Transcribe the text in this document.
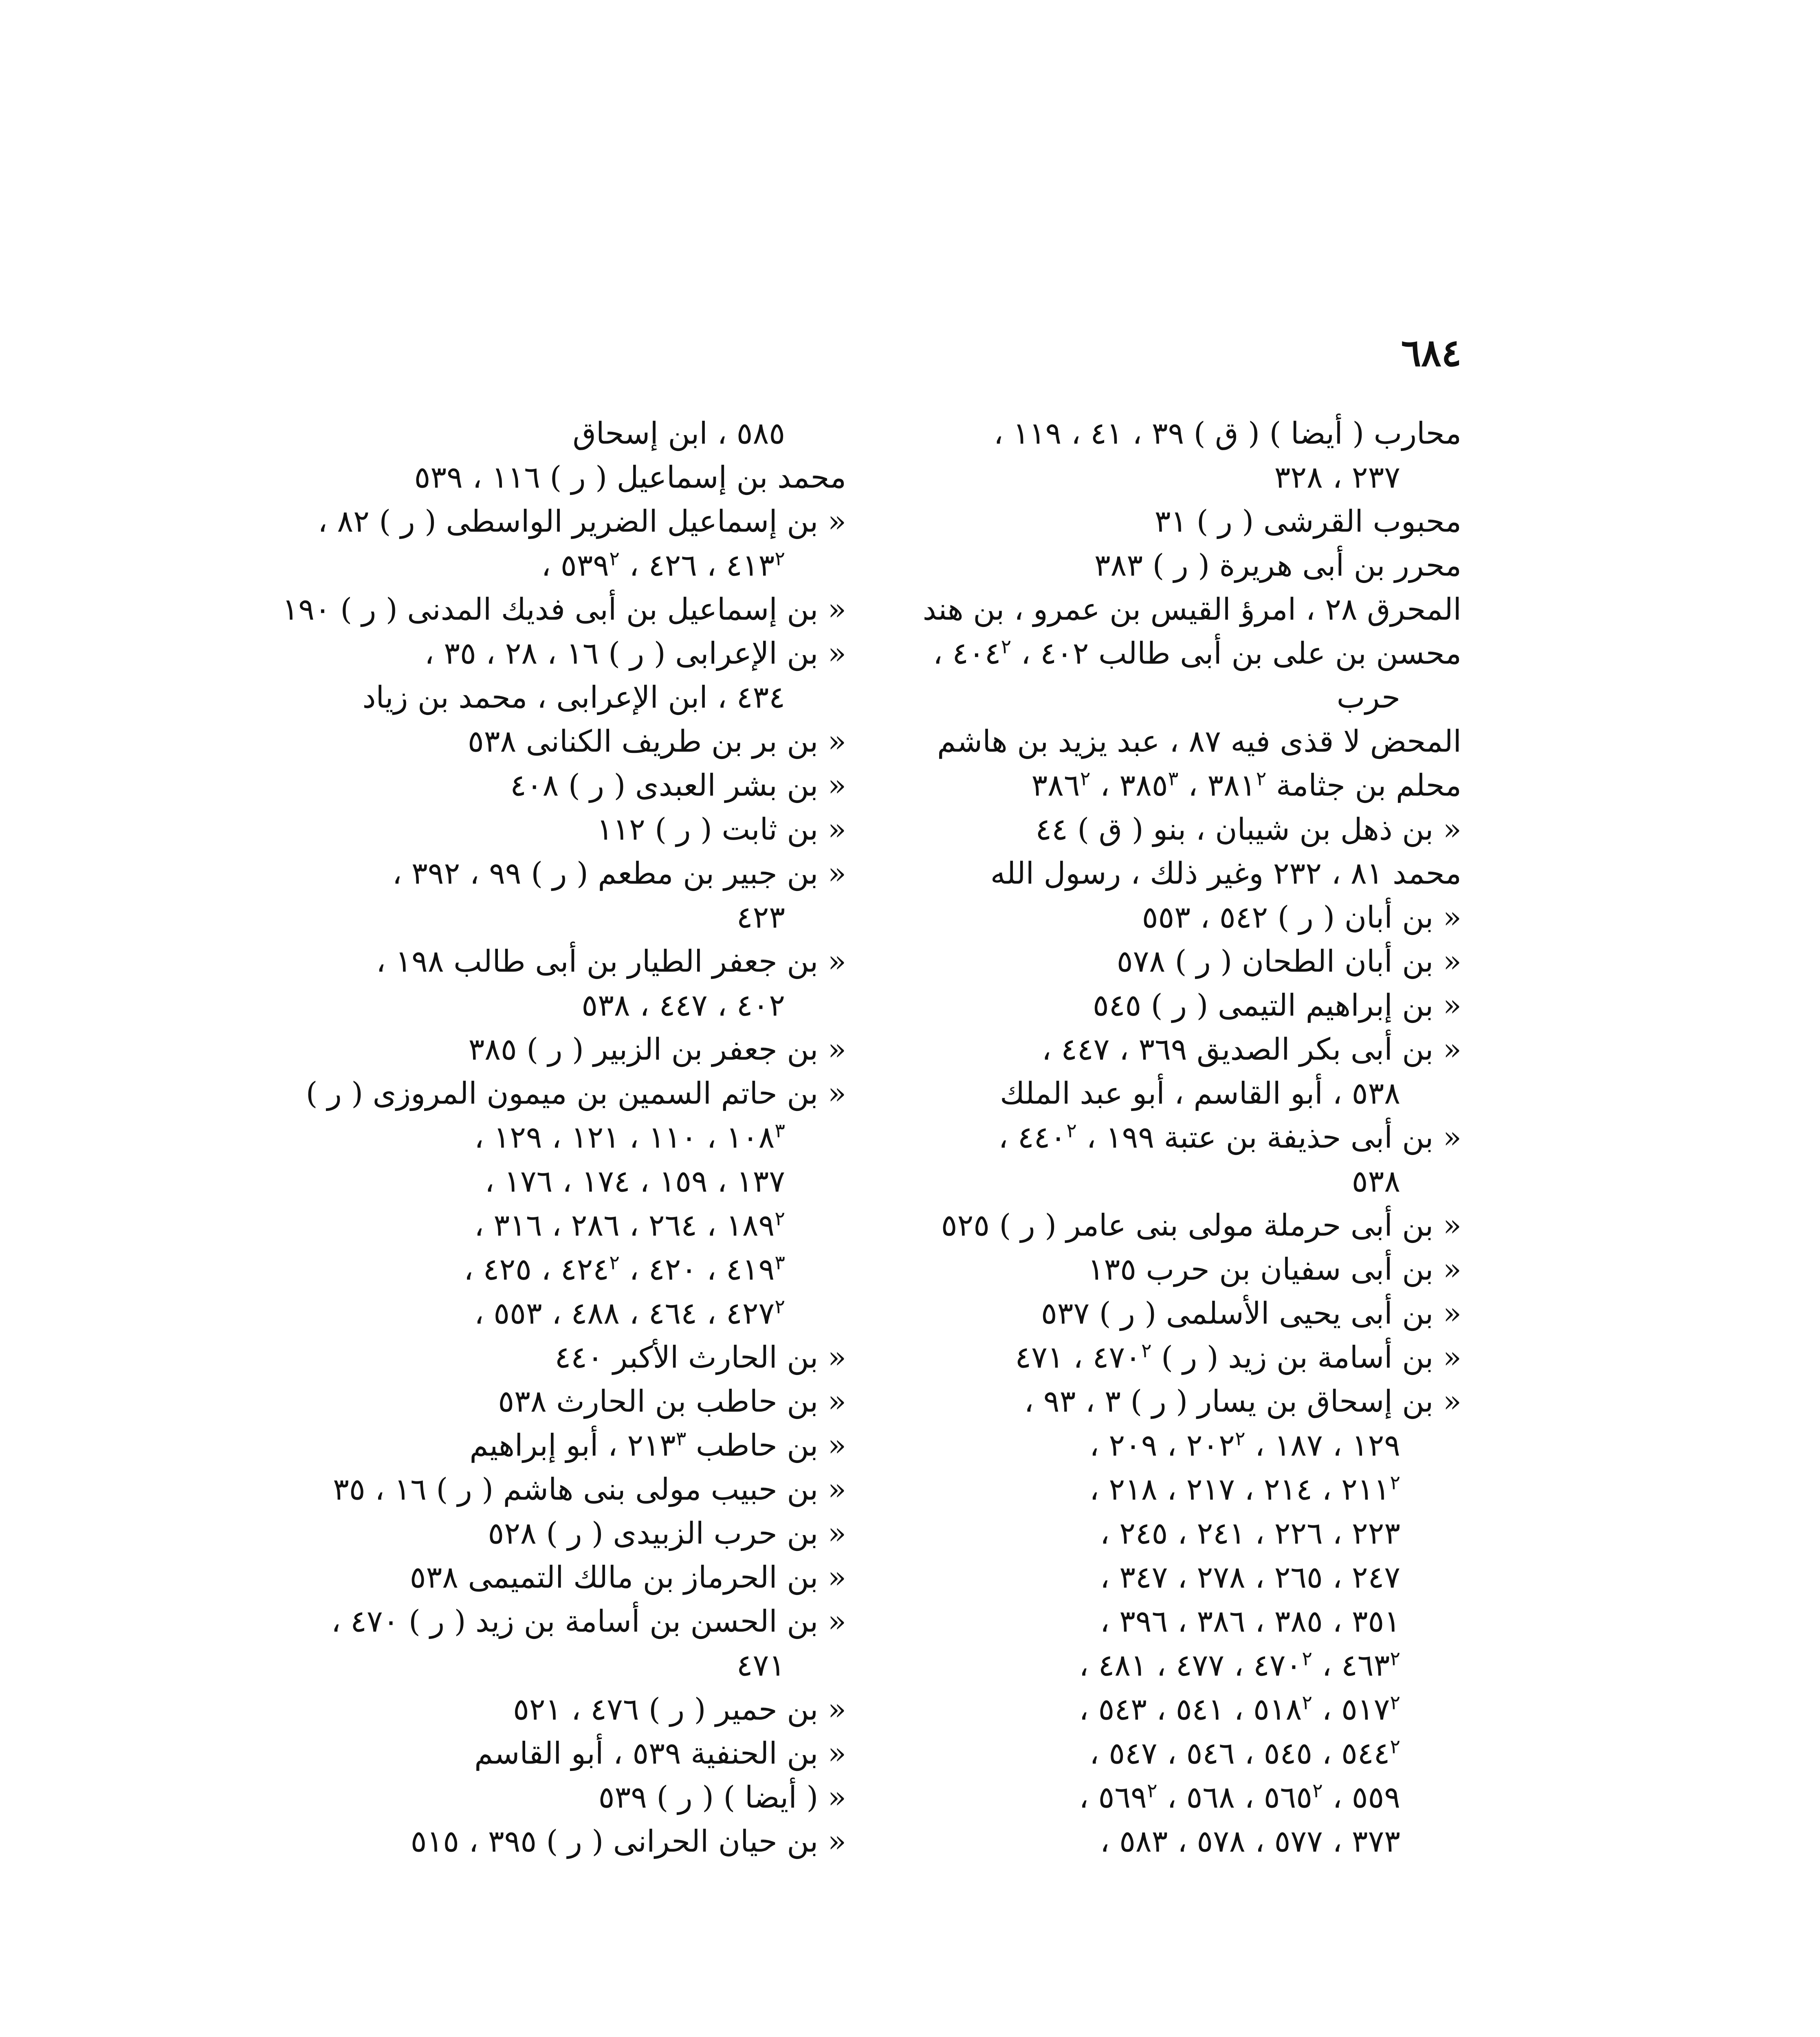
٦٨٤
محارب ( أيضا ) ( ق ) ٣٩ ، ٤١ ، ١١٩ ،
٢٣٧ ، ٣٢٨
محبوب القرشى ( ر ) ٣١
محرر بن أبى هريرة ( ر ) ٣٨٣
المحرق ٢٨ ، امرؤ القيس بن عمرو ، بن هند
محسن بن على بن أبى طالب ٤٠٢ ، $٤٠٤^٢$ ،
حرب
المحض لا قذى فيه ٨٧ ، عبد يزيد بن هاشم
محلم بن جثامة $٣٨١^٢$ ، $٣٨٥^٣$ ، $٣٨٦^٢$
« بن ذهل بن شيبان ، بنو ( ق ) ٤٤
محمد ٨١ ، ٢٣٢ وغير ذلك ، رسول الله
« بن أبان ( ر ) ٥٤٢ ، ٥٥٣
« بن أبان الطحان ( ر ) ٥٧٨
« بن إبراهيم التيمى ( ر ) ٥٤٥
« بن أبى بكر الصديق ٣٦٩ ، ٤٤٧ ،
٥٣٨ ، أبو القاسم ، أبو عبد الملك
« بن أبى حذيفة بن عتبة ١٩٩ ، $٤٤٠^٢$ ،
٥٣٨
« بن أبى حرملة مولى بنى عامر ( ر ) ٥٢٥
« بن أبى سفيان بن حرب ١٣٥
« بن أبى يحيى الأسلمى ( ر ) ٥٣٧
« بن أسامة بن زيد ( ر ) $٤٧٠^٢$ ، ٤٧١
« بن إسحاق بن يسار ( ر ) ٣ ، ٩٣ ،
١٢٩ ، ١٨٧ ، $٢٠٢^٢$ ، ٢٠٩ ،
$٢١١^٢$ ، ٢١٤ ، ٢١٧ ، ٢١٨ ،
٢٢٣ ، ٢٢٦ ، ٢٤١ ، ٢٤٥ ،
٢٤٧ ، ٢٦٥ ، ٢٧٨ ، ٣٤٧ ،
٣٥١ ، ٣٨٥ ، ٣٨٦ ، ٣٩٦ ،
$٤٦٣^٢$ ، $٤٧٠^٢$ ، ٤٧٧ ، ٤٨١ ،
$٥١٧^٢$ ، $٥١٨^٢$ ، ٥٤١ ، ٥٤٣ ،
$٥٤٤^٢$ ، ٥٤٥ ، ٥٤٦ ، ٥٤٧ ،
٥٥٩ ، $٥٦٥^٢$ ، ٥٦٨ ، $٥٦٩^٢$ ،
٣٧٣ ، ٥٧٧ ، ٥٧٨ ، ٥٨٣ ،
٥٨٥ ، ابن إسحاق
محمد بن إسماعيل ( ر ) ١١٦ ، ٥٣٩
« بن إسماعيل الضرير الواسطى ( ر ) ٨٢ ،
$٤١٣^٢$ ، ٤٢٦ ، $٥٣٩^٢$ ،
« بن إسماعيل بن أبى فديك المدنى ( ر ) ١٩٠
« بن الإعرابى ( ر ) ١٦ ، ٢٨ ، ٣٥ ،
٤٣٤ ، ابن الإعرابى ، محمد بن زياد
« بن بر بن طريف الكنانى ٥٣٨
« بن بشر العبدى ( ر ) ٤٠٨
« بن ثابت ( ر ) ١١٢
« بن جبير بن مطعم ( ر ) ٩٩ ، ٣٩٢ ،
٤٢٣
« بن جعفر الطيار بن أبى طالب ١٩٨ ،
٤٠٢ ، ٤٤٧ ، ٥٣٨
« بن جعفر بن الزبير ( ر ) ٣٨٥
« بن حاتم السمين بن ميمون المروزى ( ر )
$١٠٨^٣$ ، ١١٠ ، ١٢١ ، ١٢٩ ،
١٣٧ ، ١٥٩ ، ١٧٤ ، ١٧٦ ،
$١٨٩^٢$ ، ٢٦٤ ، ٢٨٦ ، ٣١٦ ،
$٤١٩^٣$ ، ٤٢٠ ، $٤٢٤^٢$ ، ٤٢٥ ،
$٤٢٧^٢$ ، ٤٦٤ ، ٤٨٨ ، ٥٥٣ ،
« بن الحارث الأكبر ٤٤٠
« بن حاطب بن الحارث ٥٣٨
« بن حاطب $٢١٣^٣$ ، أبو إبراهيم
« بن حبيب مولى بنى هاشم ( ر ) ١٦ ، ٣٥
« بن حرب الزبيدى ( ر ) ٥٢٨
« بن الحرماز بن مالك التميمى ٥٣٨
« بن الحسن بن أسامة بن زيد ( ر ) ٤٧٠ ،
٤٧١
« بن حمير ( ر ) ٤٧٦ ، ٥٢١
« بن الحنفية ٥٣٩ ، أبو القاسم
« ( أيضا ) ( ر ) ٥٣٩
« بن حيان الحرانى ( ر ) ٣٩٥ ، ٥١٥
